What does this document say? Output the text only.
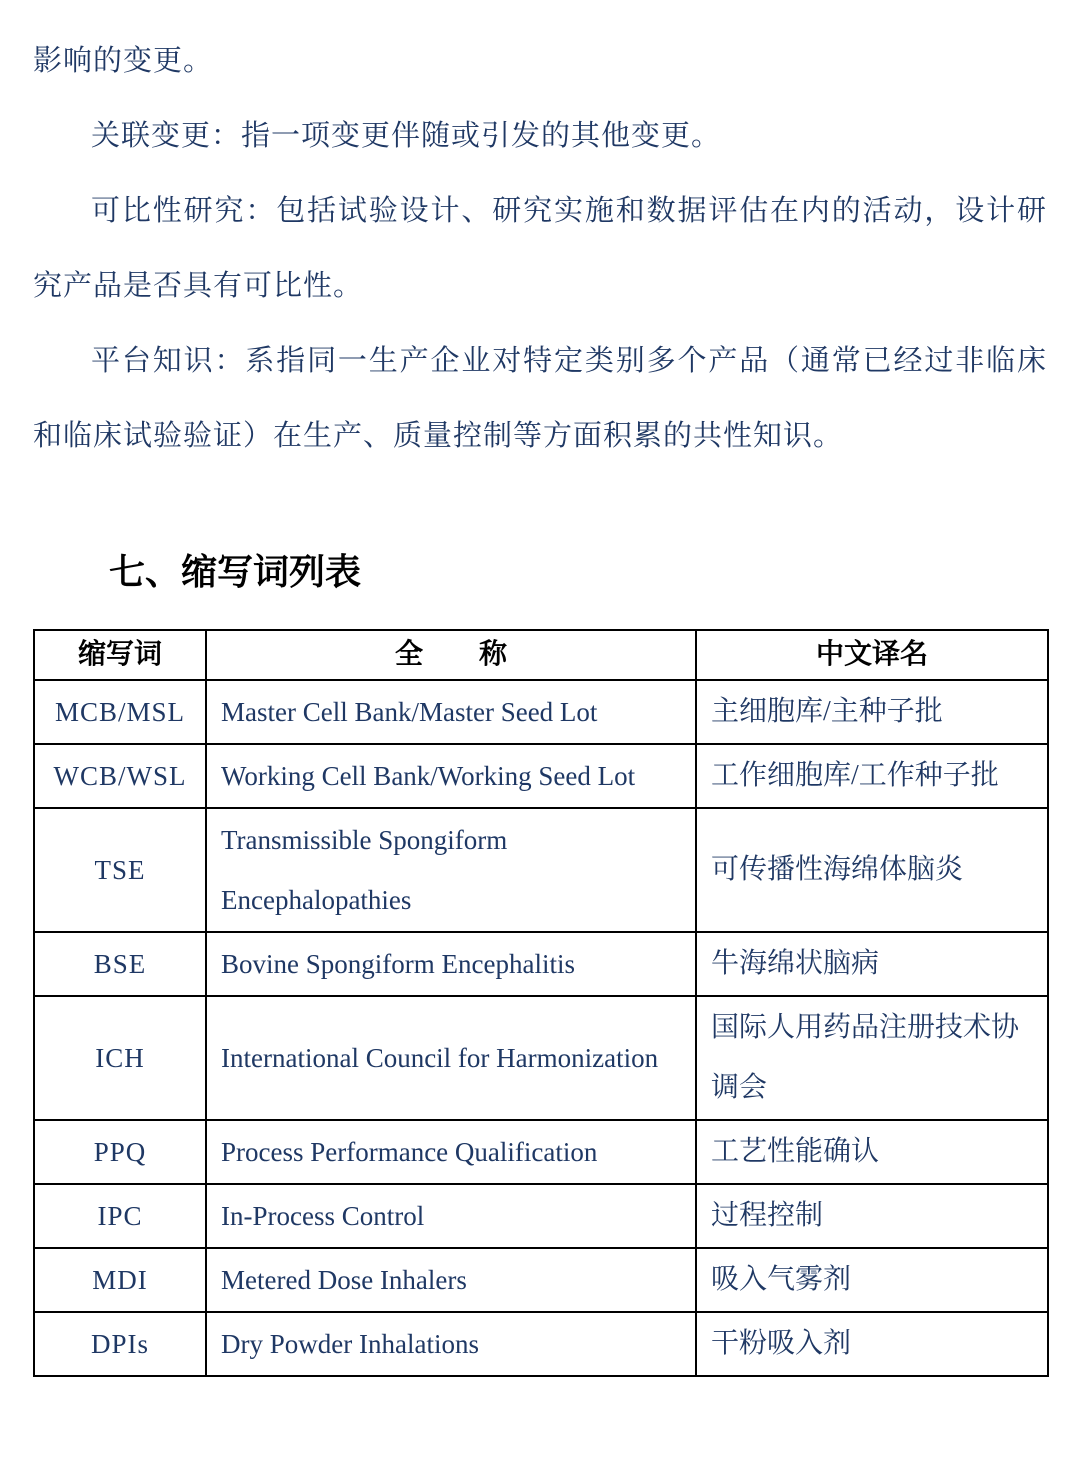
影响的变更。

关联变更：指一项变更伴随或引发的其他变更。

可比性研究：包括试验设计、研究实施和数据评估在内的活动，设计研究产品是否具有可比性。

平台知识：系指同一生产企业对特定类别多个产品（通常已经过非临床和临床试验验证）在生产、质量控制等方面积累的共性知识。

七、缩写词列表
缩写词	全　　称	中文译名
MCB/MSL	Master Cell Bank/Master Seed Lot	主细胞库/主种子批
WCB/WSL	Working Cell Bank/Working Seed Lot	工作细胞库/工作种子批
TSE	Transmissible Spongiform Encephalopathies	可传播性海绵体脑炎
BSE	Bovine Spongiform Encephalitis	牛海绵状脑病
ICH	International Council for Harmonization	国际人用药品注册技术协调会
PPQ	Process Performance Qualification	工艺性能确认
IPC	In-Process Control	过程控制
MDI	Metered Dose Inhalers	吸入气雾剂
DPIs	Dry Powder Inhalations	干粉吸入剂
